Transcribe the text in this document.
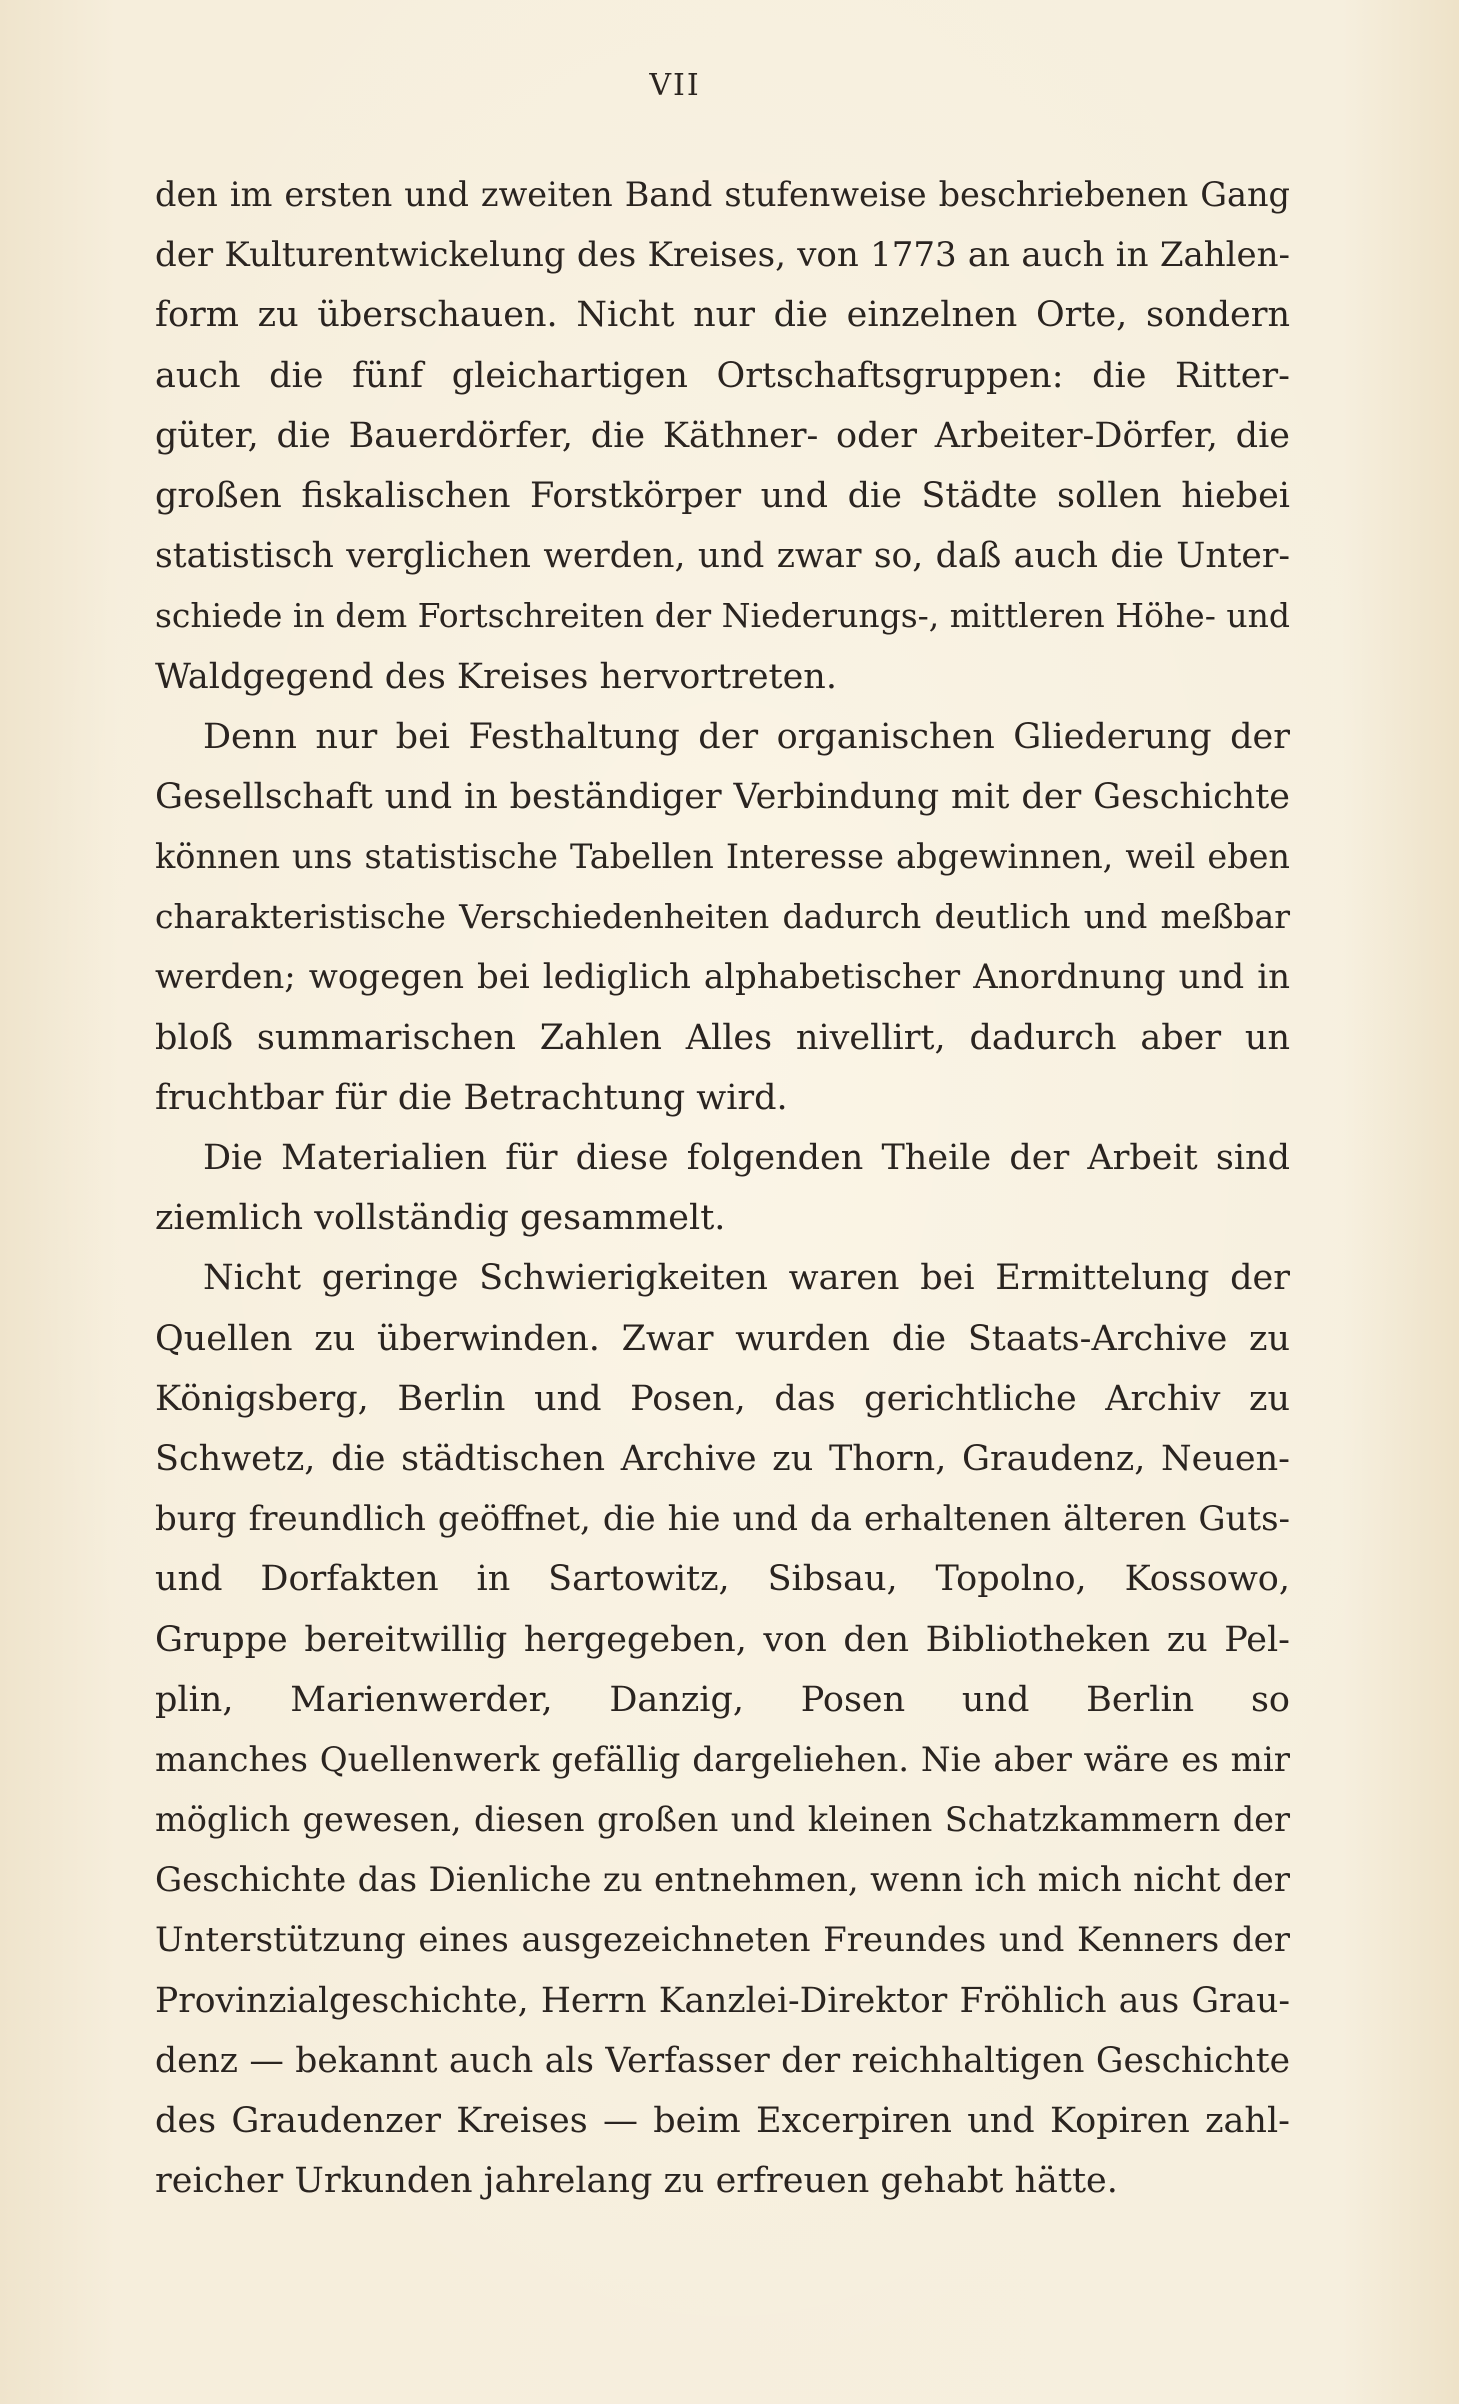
VII
den im ersten und zweiten Band stufenweise beschriebenen Gang
der Kulturentwickelung des Kreises, von 1773 an auch in Zahlen-
form zu überschauen. Nicht nur die einzelnen Orte, sondern
auch die fünf gleichartigen Ortschaftsgruppen: die Ritter-
güter, die Bauerdörfer, die Käthner- oder Arbeiter-Dörfer, die
großen fiskalischen Forstkörper und die Städte sollen hiebei
statistisch verglichen werden, und zwar so, daß auch die Unter-
schiede in dem Fortschreiten der Niederungs-, mittleren Höhe- und
Waldgegend des Kreises hervortreten.
Denn nur bei Festhaltung der organischen Gliederung der
Gesellschaft und in beständiger Verbindung mit der Geschichte
können uns statistische Tabellen Interesse abgewinnen, weil eben
charakteristische Verschiedenheiten dadurch deutlich und meßbar
werden; wogegen bei lediglich alphabetischer Anordnung und in
bloß summarischen Zahlen Alles nivellirt, dadurch aber un
fruchtbar für die Betrachtung wird.
Die Materialien für diese folgenden Theile der Arbeit sind
ziemlich vollständig gesammelt.
Nicht geringe Schwierigkeiten waren bei Ermittelung der
Quellen zu überwinden. Zwar wurden die Staats-Archive zu
Königsberg, Berlin und Posen, das gerichtliche Archiv zu
Schwetz, die städtischen Archive zu Thorn, Graudenz, Neuen-
burg freundlich geöffnet, die hie und da erhaltenen älteren Guts-
und Dorfakten in Sartowitz, Sibsau, Topolno, Kossowo,
Gruppe bereitwillig hergegeben, von den Bibliotheken zu Pel-
plin, Marienwerder, Danzig, Posen und Berlin so
manches Quellenwerk gefällig dargeliehen. Nie aber wäre es mir
möglich gewesen, diesen großen und kleinen Schatzkammern der
Geschichte das Dienliche zu entnehmen, wenn ich mich nicht der
Unterstützung eines ausgezeichneten Freundes und Kenners der
Provinzialgeschichte, Herrn Kanzlei-Direktor Fröhlich aus Grau-
denz — bekannt auch als Verfasser der reichhaltigen Geschichte
des Graudenzer Kreises — beim Excerpiren und Kopiren zahl-
reicher Urkunden jahrelang zu erfreuen gehabt hätte.
